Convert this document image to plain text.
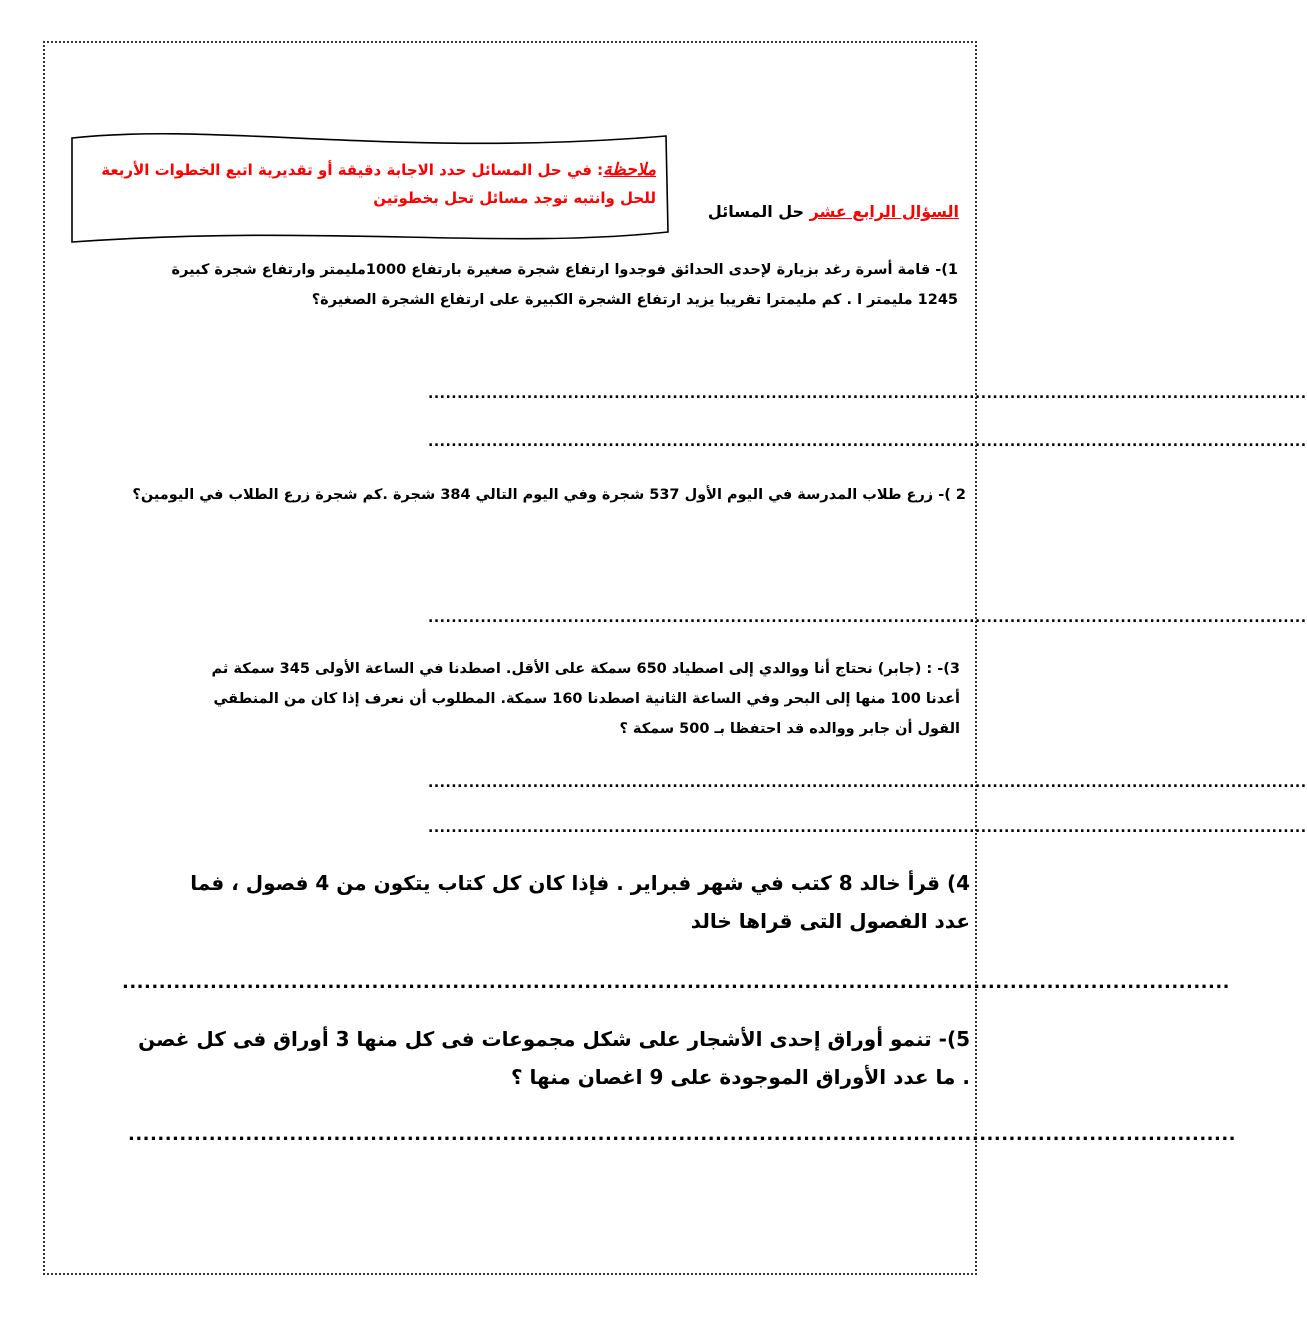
ملاحظة: في حل المسائل حدد الاجابة دقيقة أو تقديرية اتبع الخطوات الأربعة للحل وانتبه توجد مسائل تحل بخطوتين
السؤال الرابع عشر حل المسائل
1)- قامة أسرة رغد بزيارة لإحدى الحدائق فوجدوا ارتفاع شجرة صغيرة بارتفاع 1000مليمتر وارتفاع شجرة كبيرة 1245 مليمتر ا . كم مليمترا تقريبا يزيد ارتفاع الشجرة الكبيرة على ارتفاع الشجرة الصغيرة؟
.......................................................................................................................................................
.......................................................................................................................................................
2 )- زرع طلاب المدرسة في اليوم الأول 537 شجرة وفي اليوم التالي 384 شجرة .كم شجرة زرع الطلاب في اليومين؟
.......................................................................................................................................................
3)- : (جابر) نحتاج أنا ووالدي إلى اصطياد 650 سمكة على الأقل. اصطدنا في الساعة الأولى 345 سمكة ثم أعدنا 100 منها إلى البحر وفي الساعة الثانية اصطدنا 160 سمكة. المطلوب أن نعرف إذا كان من المنطقي القول أن جابر ووالده قد احتفظا بـ 500 سمكة ؟
.......................................................................................................................................................
.......................................................................................................................................................
4) قرأ خالد 8 كتب في شهر فبراير . فإذا كان كل كتاب يتكون من 4 فصول ، فما عدد الفصول التى قراها خالد
.......................................................................................................................................................
5)- تنمو أوراق إحدى الأشجار على شكل مجموعات فى كل منها 3 أوراق فى كل غصن . ما عدد الأوراق الموجودة على 9 اغصان منها ؟
.......................................................................................................................................................
